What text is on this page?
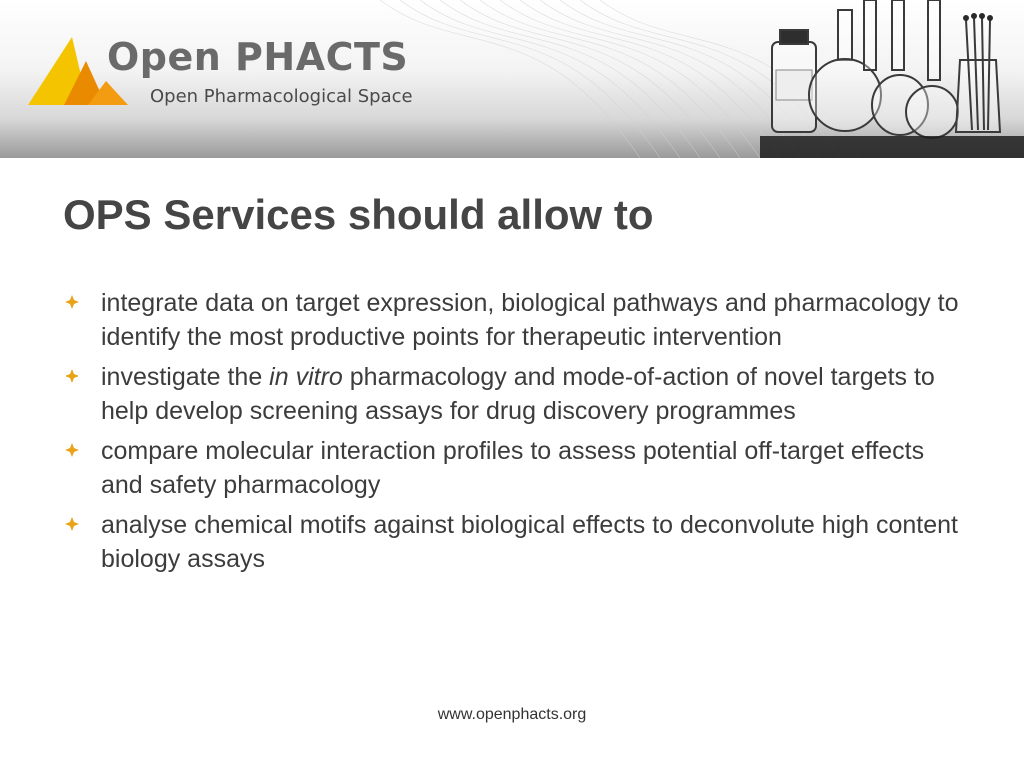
Open PHACTS
Open Pharmacological Space
OPS Services should allow to
integrate data on target expression, biological pathways and pharmacology to identify the most productive points for therapeutic intervention
investigate the in vitro pharmacology and mode-of-action of novel targets to help develop screening assays for drug discovery programmes
compare molecular interaction profiles to assess potential off-target effects and safety pharmacology
analyse chemical motifs against biological effects to deconvolute high content biology assays
www.openphacts.org
